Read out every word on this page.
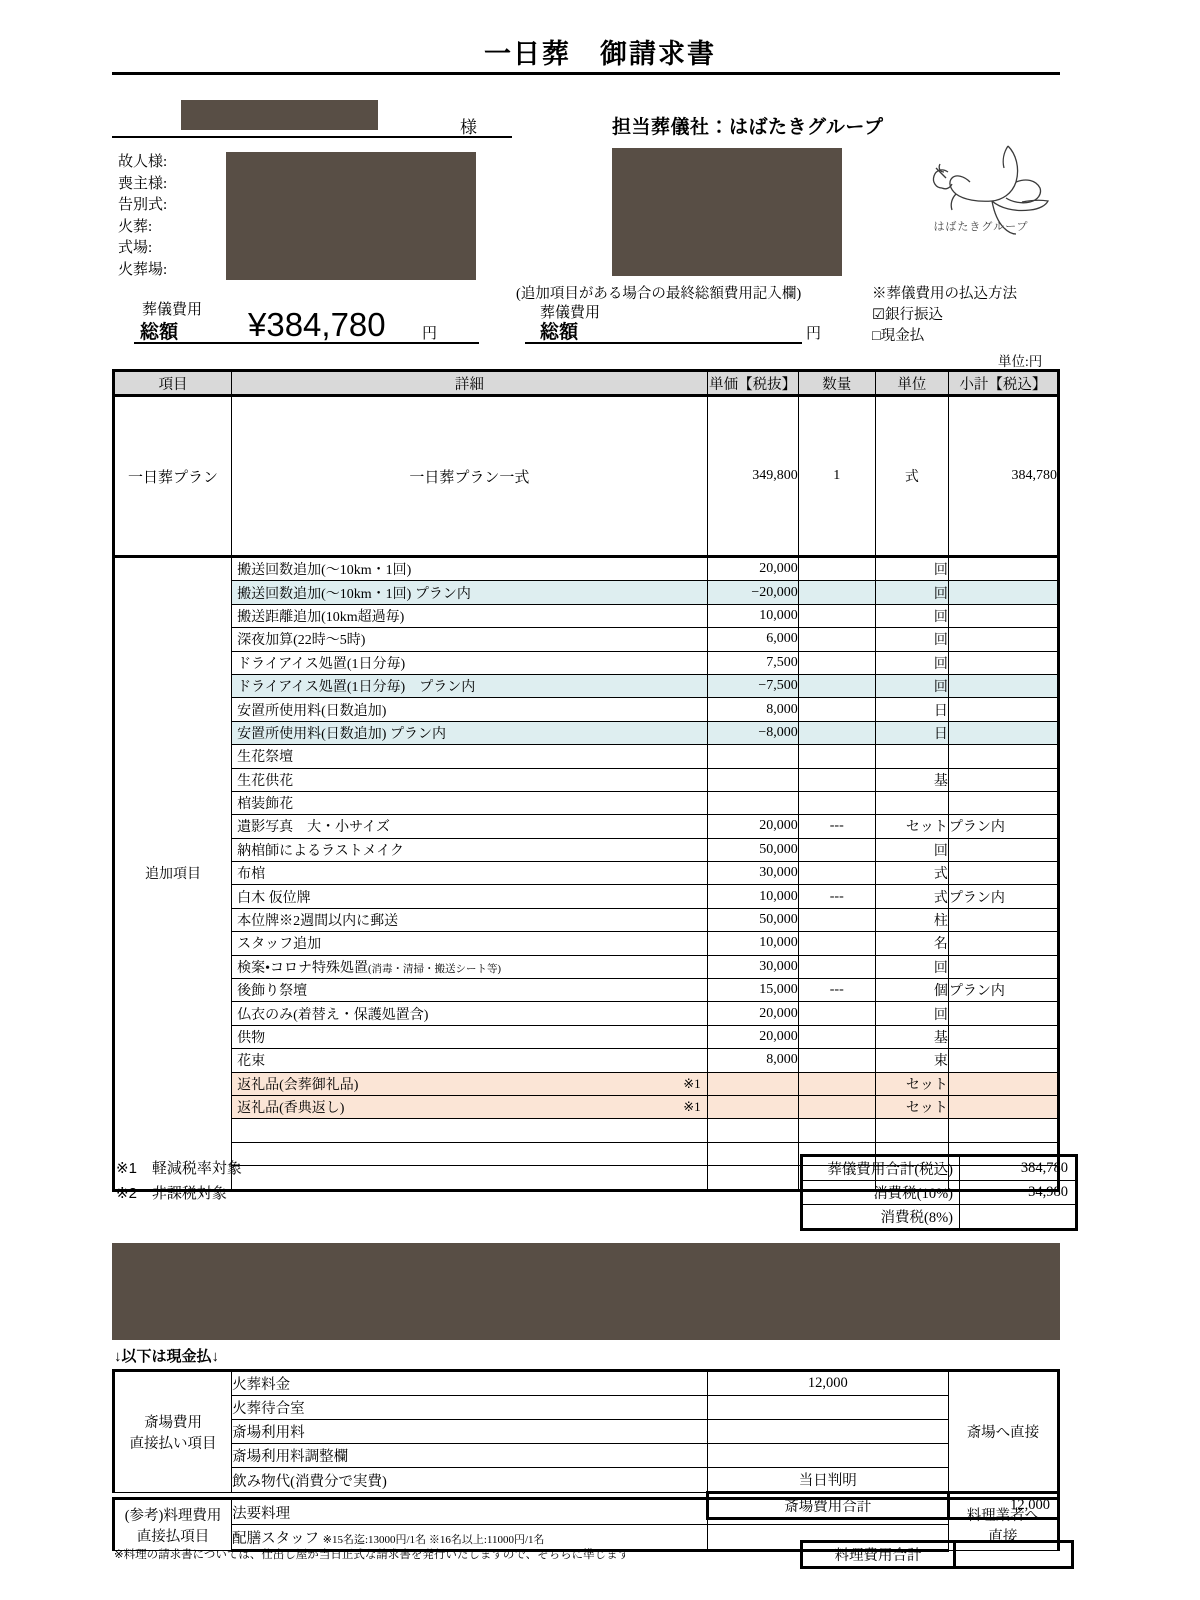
一日葬　御請求書
様	担当葬儀社：はばたきグループ
故人様:
喪主様:
告別式:
火葬:
式場:
火葬場:
はばたきグループ
葬儀費用
総額 ¥384,780 円
(追加項目がある場合の最終総額費用記入欄)
葬儀費用
総額	円
※葬儀費用の払込方法
☑銀行振込
□現金払
単位:円
項目	詳細	単価【税抜】	数量	単位	小計【税込】
一日葬プラン	一日葬プラン一式	349,800	1	式	384,780
追加項目	搬送回数追加(～10km・1回)	20,000		回	

	搬送回数追加(～10km・1回) プラン内	−20,000		回	

	搬送距離追加(10km超過毎)	10,000		回	

	深夜加算(22時～5時)	6,000		回	

	ドライアイス処置(1日分毎)	7,500		回	

	ドライアイス処置(1日分毎)　プラン内	−7,500		回	

	安置所使用料(日数追加)	8,000		日	

	安置所使用料(日数追加) プラン内	−8,000		日	

	生花祭壇				

	生花供花			基	

	棺装飾花				

	遺影写真　大・小サイズ	20,000	---	セット	プラン内

	納棺師によるラストメイク	50,000		回	

	布棺	30,000		式	

	白木 仮位牌	10,000	---	式	プラン内

	本位牌※2週間以内に郵送	50,000		柱	

	スタッフ追加	10,000		名	

	検案•コロナ特殊処置(消毒・清掃・搬送シート等)	30,000		回	

	後飾り祭壇	15,000	---	個	プラン内

	仏衣のみ(着替え・保護処置含)	20,000		回	

	供物	20,000		基	

	花束	8,000		束	

	返礼品(会葬御礼品) ※1			セット	

	返礼品(香典返し) ※1			セット	

※1　軽減税率対象
※2　非課税対象
葬儀費用合計(税込)	384,780
消費税(10%)	34,980
消費税(8%)	
↓以下は現金払↓
斎場費用
直接払い項目	火葬料金	12,000	斎場へ直接
	火葬待合室		
	斎場利用料		
	斎場利用料調整欄		
	飲み物代(消費分で実費)	当日判明	
		斎場費用合計	12,000
(参考)料理費用
直接払項目	法要料理		料理業者へ
直接
	配膳スタッフ ※15名迄:13000円/1名 ※16名以上:11000円/1名		
※料理の請求書については、仕出し屋が当日正式な請求書を発行いたしますので、そちらに準じます	料理費用合計	
